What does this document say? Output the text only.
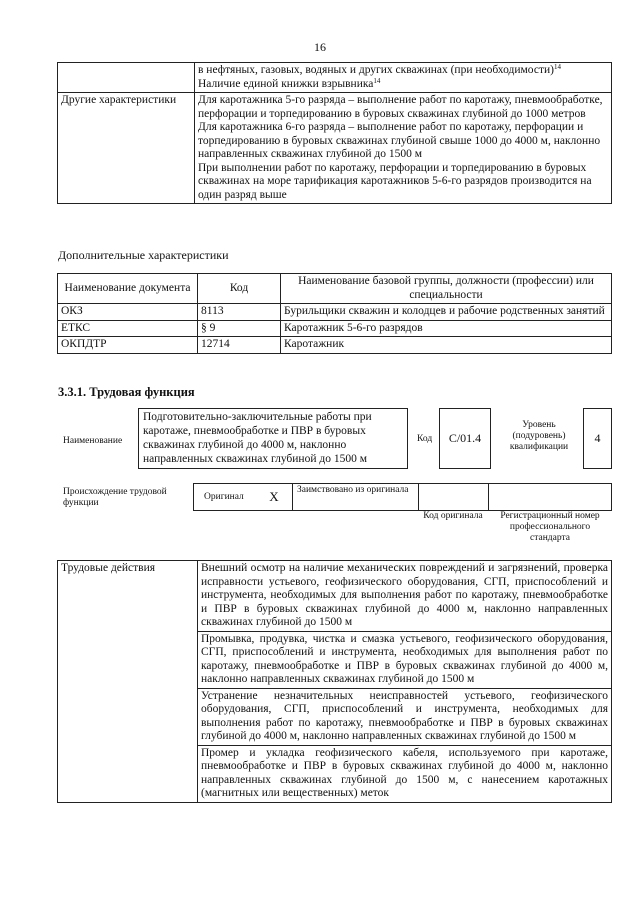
16

	в нефтяных, газовых, водяных и других скважинах (при необходимости)$^{14}$
Наличие единой книжки взрывника$^{14}$

Другие характеристики	Для каротажника 5-го разряда – выполнение работ по каротажу, пневмообработке, перфорации и торпедированию в буровых скважинах глубиной до 1000 метров
Для каротажника 6-го разряда – выполнение работ по каротажу, перфорации и торпедированию в буровых скважинах глубиной свыше 1000 до 4000 м, наклонно направленных скважинах глубиной до 1500 м
При выполнении работ по каротажу, перфорации и торпедированию в буровых скважинах на море тарификация каротажников 5-6-го разрядов производится на один разряд выше
Дополнительные характеристики
Наименование документа	Код	Наименование базовой группы, должности (профессии) или специальности
ОКЗ	8113	Бурильщики скважин и колодцев и рабочие родственных занятий
ЕТКС	§ 9	Каротажник 5-6-го разрядов
ОКПДТР	12714	Каротажник
3.3.1. Трудовая функция
Наименование
Подготовительно-заключительные работы при каротаже, пневмообработке и ПВР в буровых скважинах глубиной до 4000 м, наклонно направленных скважинах глубиной до 1500 м
Код C/01.4
Уровень (подуровень) квалификации
4
Происхождение трудовой функции
Оригинал	X	Заимствовано из оригинала
Код оригинала	Регистрационный номер профессионального стандарта
Трудовые действия	Внешний осмотр на наличие механических повреждений и загрязнений, проверка исправности устьевого, геофизического оборудования, СГП, приспособлений и инструмента, необходимых для выполнения работ по каротажу, пневмообработке и ПВР в буровых скважинах глубиной до 4000 м, наклонно направленных скважинах глубиной до 1500 м
Промывка, продувка, чистка и смазка устьевого, геофизического оборудования, СГП, приспособлений и инструмента, необходимых для выполнения работ по каротажу, пневмообработке и ПВР в буровых скважинах глубиной до 4000 м, наклонно направленных скважинах глубиной до 1500 м
Устранение незначительных неисправностей устьевого, геофизического оборудования, СГП, приспособлений и инструмента, необходимых для выполнения работ по каротажу, пневмообработке и ПВР в буровых скважинах глубиной до 4000 м, наклонно направленных скважинах глубиной до 1500 м
Промер и укладка геофизического кабеля, используемого при каротаже, пневмообработке и ПВР в буровых скважинах глубиной до 4000 м, наклонно направленных скважинах глубиной до 1500 м, с нанесением каротажных (магнитных или вещественных) меток
